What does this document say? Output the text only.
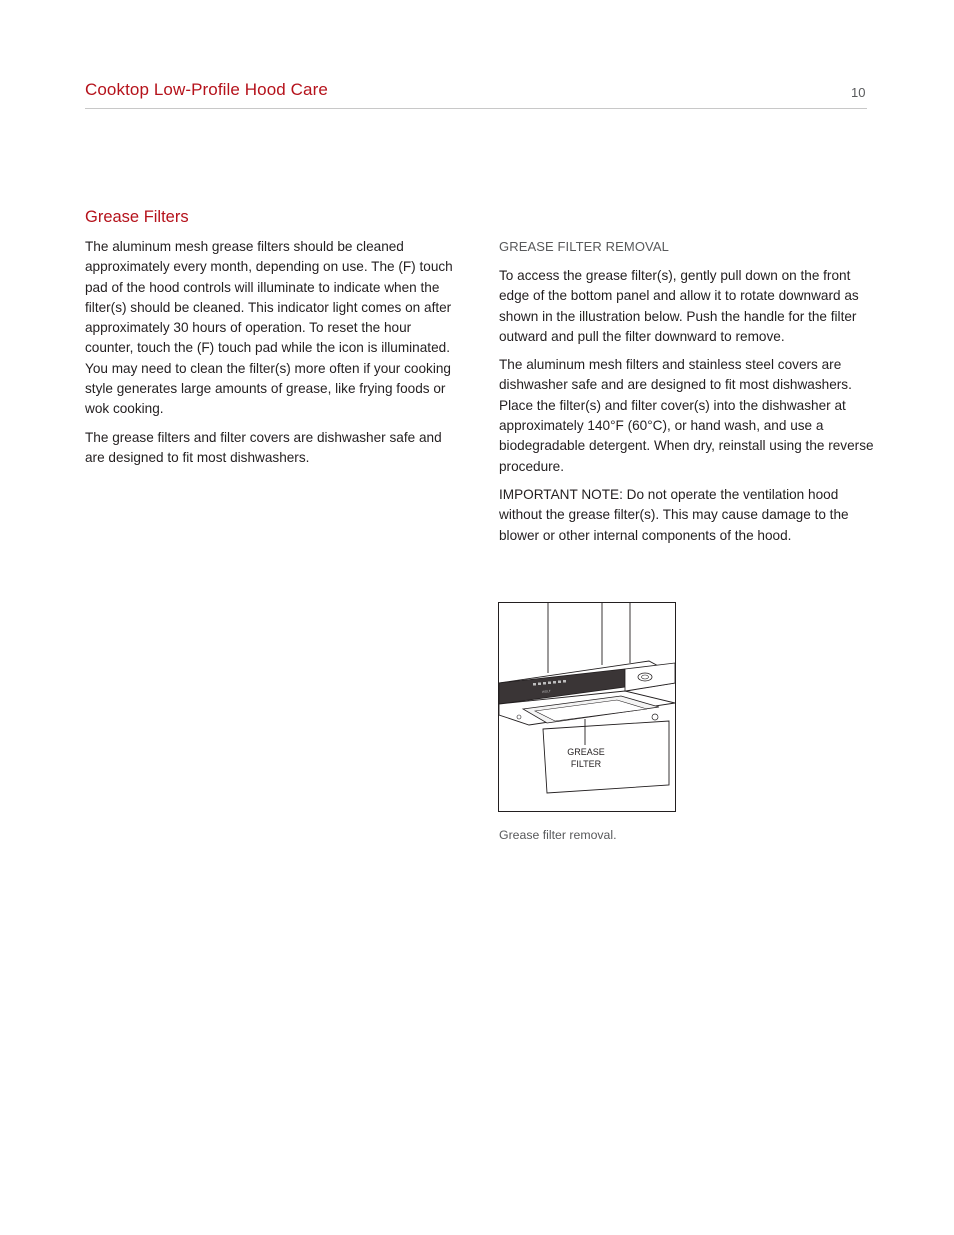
Cooktop Low-Profile Hood Care	10
Grease Filters

The aluminum mesh grease filters should be cleaned approximately every month, depending on use. The (F) touch pad of the hood controls will illuminate to indicate when the filter(s) should be cleaned. This indicator light comes on after approximately 30 hours of operation. To reset the hour counter, touch the (F) touch pad while the icon is illuminated. You may need to clean the filter(s) more often if your cooking style generates large amounts of grease, like frying foods or wok cooking.

The grease filters and filter covers are dishwasher safe and are designed to fit most dishwashers.

GREASE FILTER REMOVAL

To access the grease filter(s), gently pull down on the front edge of the bottom panel and allow it to rotate downward as shown in the illustration below. Push the handle for the filter outward and pull the filter downward to remove.

The aluminum mesh filters and stainless steel covers are dishwasher safe and are designed to fit most dishwashers. Place the filter(s) and filter cover(s) into the dishwasher at approximately 140°F (60°C), or hand wash, and use a biodegradable detergent. When dry, reinstall using the reverse procedure.

IMPORTANT NOTE: Do not operate the ventilation hood without the grease filter(s). This may cause damage to the blower or other internal components of the hood.

WOLF
GREASE
FILTER
Grease filter removal.
